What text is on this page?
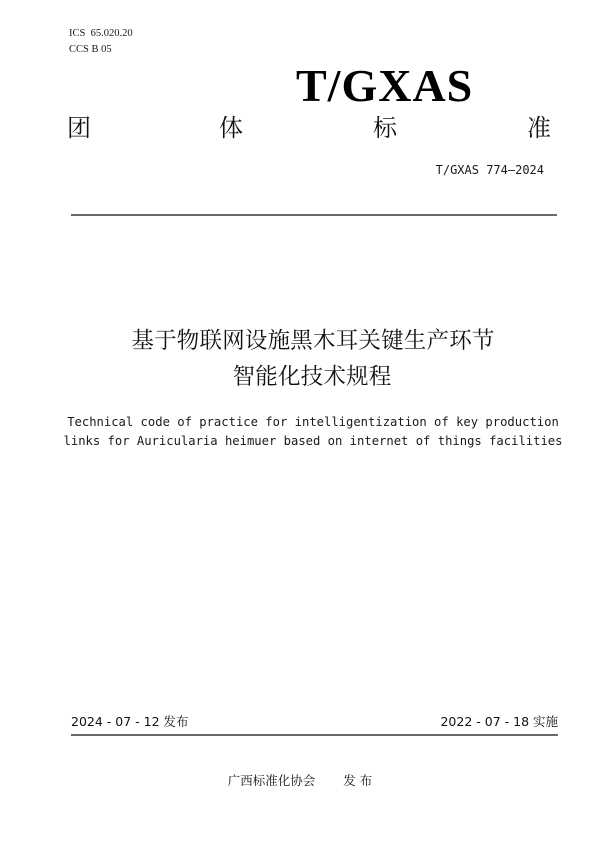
ICS  65.020.20
CCS B 05
T/GXAS
团	体	标	准
T/GXAS 774—2024
基于物联网设施黑木耳关键生产环节
智能化技术规程
Technical code of practice for intelligentization of key production
links for Auricularia heimuer based on internet of things facilities
2024 - 07 - 12 发布	2022 - 07 - 18 实施
广西标准化协会 发 布
